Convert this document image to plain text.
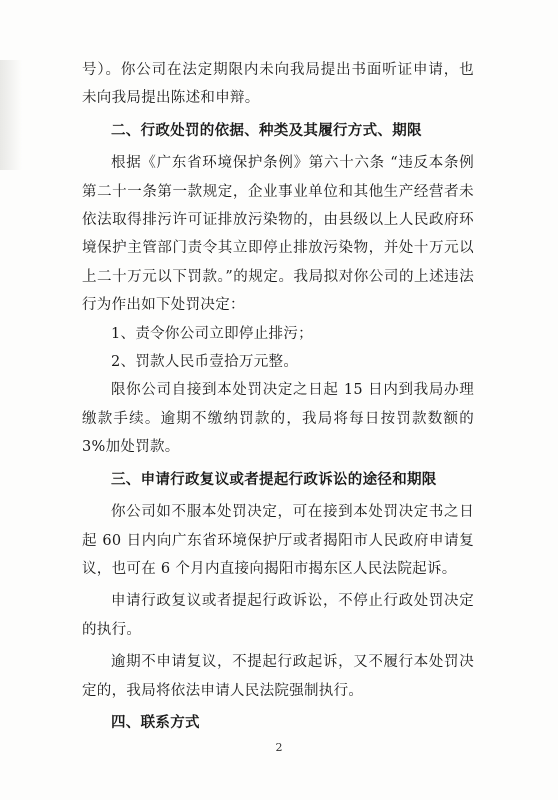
号）。你公司在法定期限内未向我局提出书面听证申请，也未向我局提出陈述和申辩。

二、行政处罚的依据、种类及其履行方式、期限

根据《广东省环境保护条例》第六十六条 “违反本条例第二十一条第一款规定，企业事业单位和其他生产经营者未依法取得排污许可证排放污染物的，由县级以上人民政府环境保护主管部门责令其立即停止排放污染物，并处十万元以上二十万元以下罚款。”的规定。我局拟对你公司的上述违法行为作出如下处罚决定：

1、责令你公司立即停止排污；

2、罚款人民币壹拾万元整。

限你公司自接到本处罚决定之日起 15 日内到我局办理缴款手续。逾期不缴纳罚款的，我局将每日按罚款数额的 3%加处罚款。

三、申请行政复议或者提起行政诉讼的途径和期限

你公司如不服本处罚决定，可在接到本处罚决定书之日起 60 日内向广东省环境保护厅或者揭阳市人民政府申请复议，也可在 6 个月内直接向揭阳市揭东区人民法院起诉。

申请行政复议或者提起行政诉讼，不停止行政处罚决定的执行。

逾期不申请复议，不提起行政起诉，又不履行本处罚决定的，我局将依法申请人民法院强制执行。

四、联系方式

2
